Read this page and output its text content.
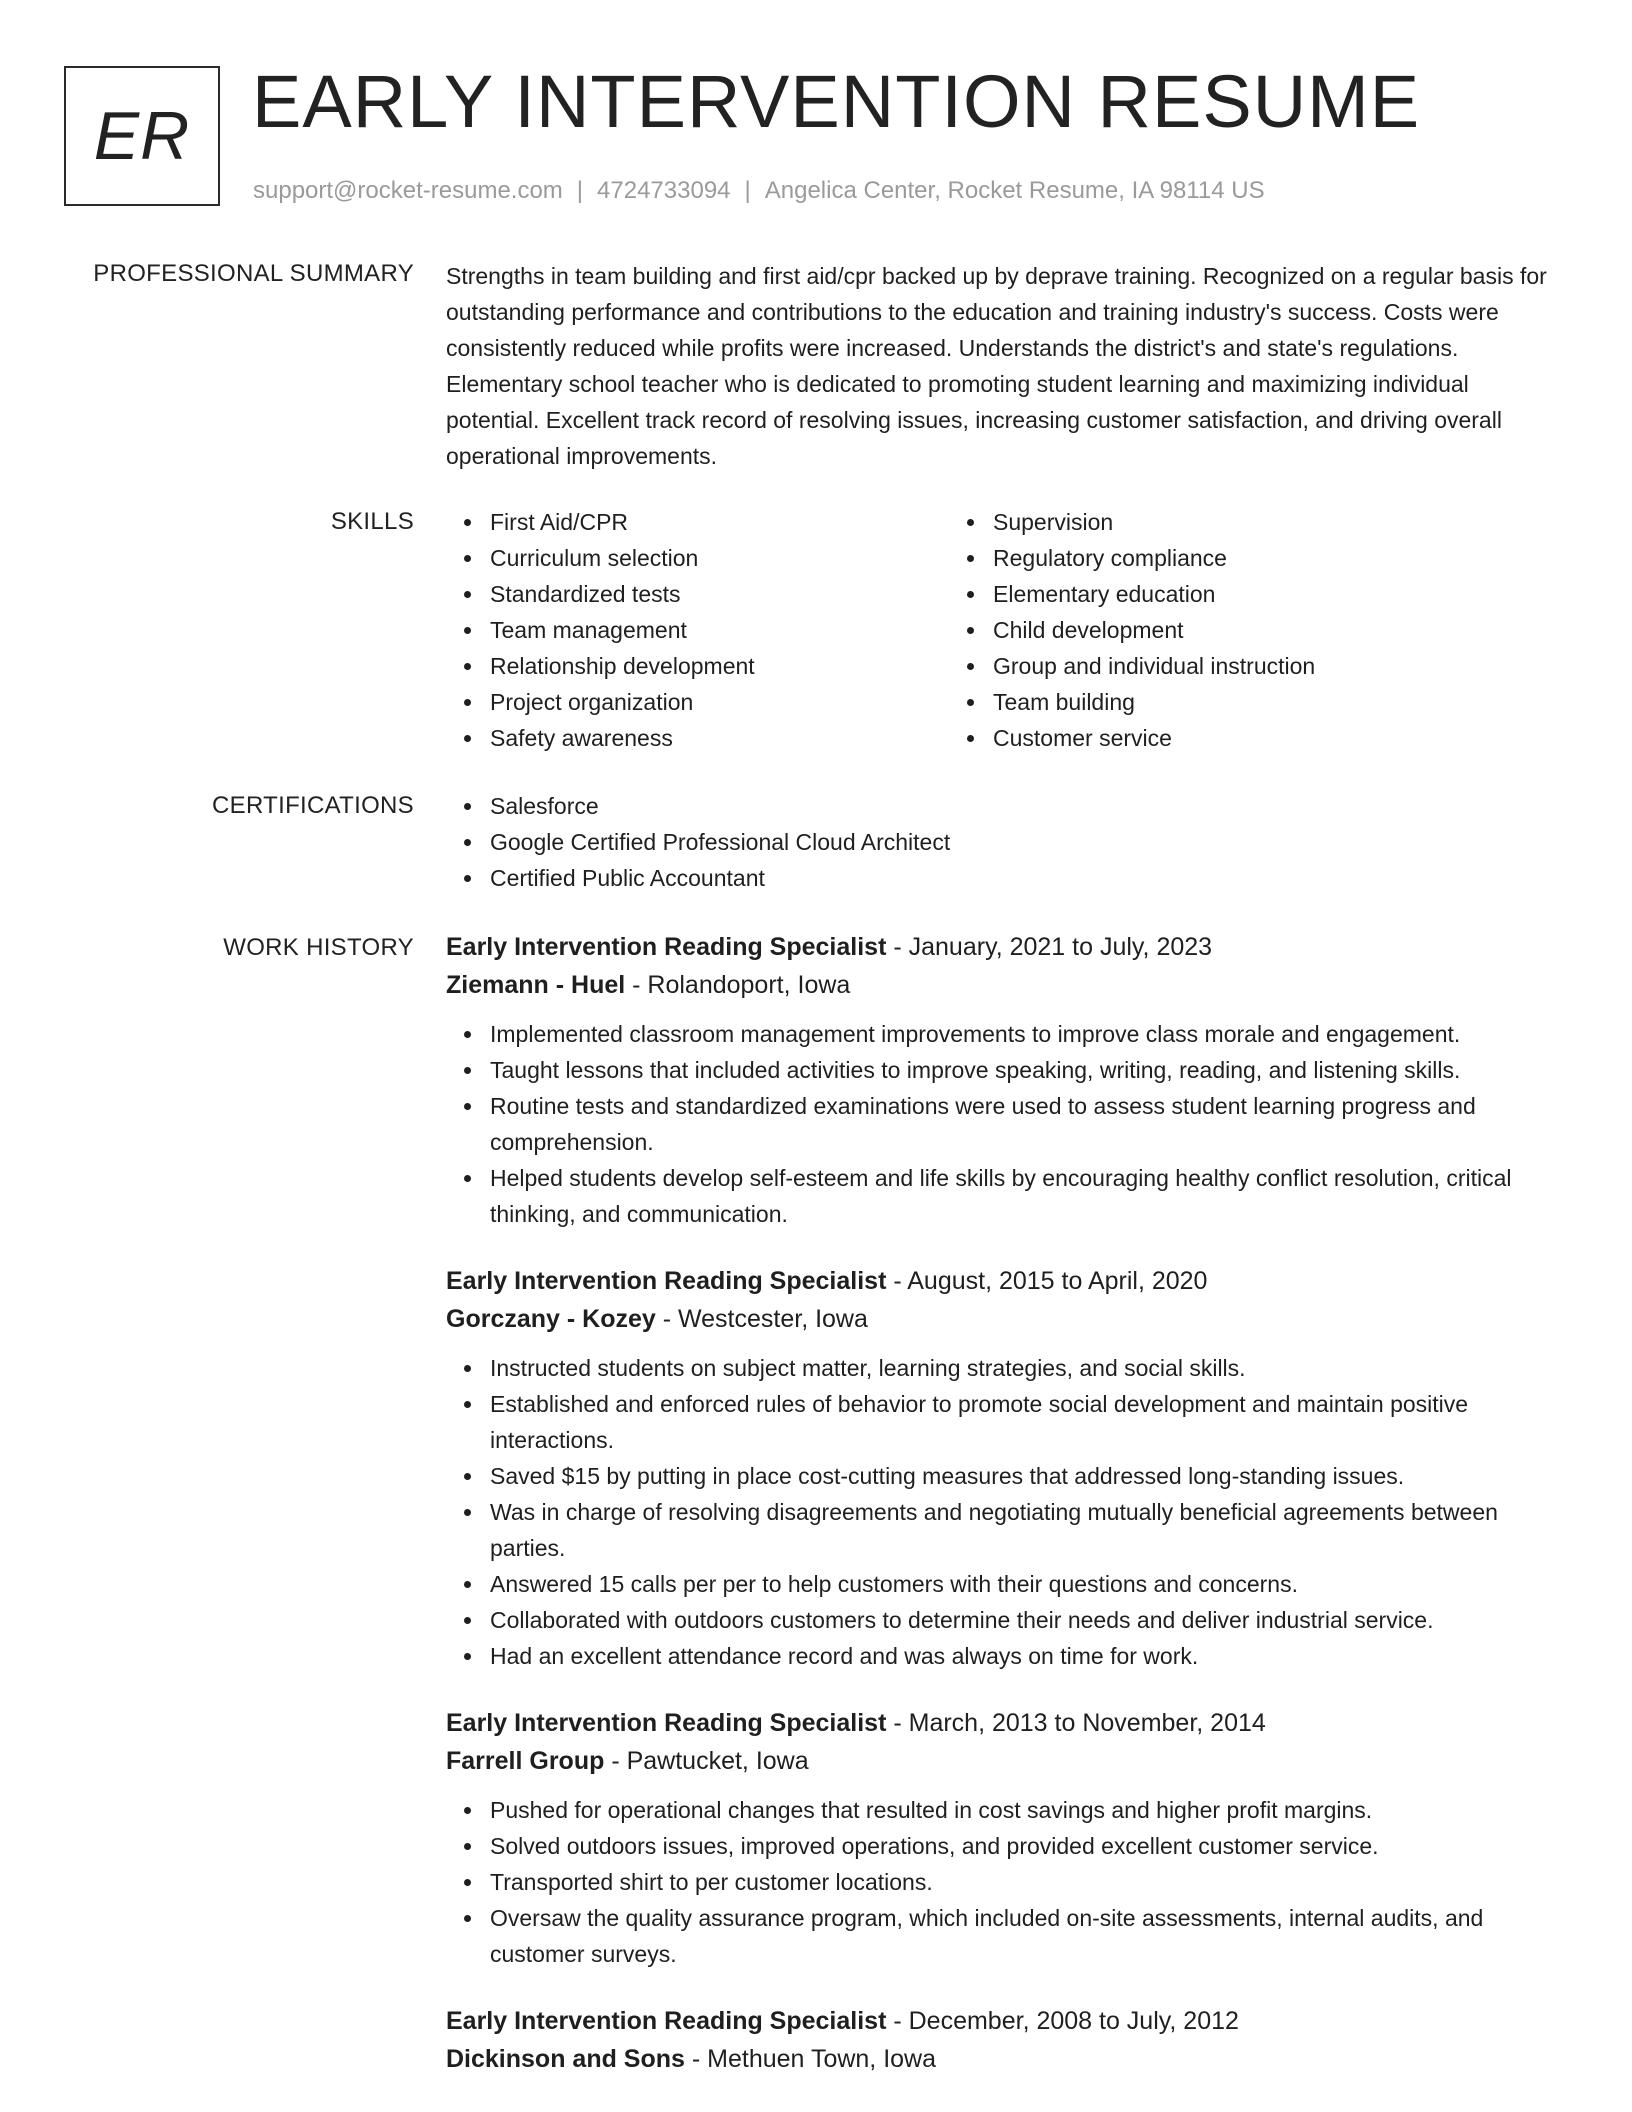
ER EARLY INTERVENTION RESUME
support@rocket-resume.com | 4724733094 | Angelica Center, Rocket Resume, IA 98114 US
PROFESSIONAL SUMMARY Strengths in team building and first aid/cpr backed up by deprave training. Recognized on a regular basis for outstanding performance and contributions to the education and training industry's success. Costs were consistently reduced while profits were increased. Understands the district's and state's regulations. Elementary school teacher who is dedicated to promoting student learning and maximizing individual potential. Excellent track record of resolving issues, increasing customer satisfaction, and driving overall operational improvements.

SKILLS	First Aid/CPR
Curriculum selection
Standardized tests
Team management
Relationship development
Project organization
Safety awareness
Supervision
Regulatory compliance
Elementary education
Child development
Group and individual instruction
Team building
Customer service
CERTIFICATIONS	Salesforce
Google Certified Professional Cloud Architect
Certified Public Accountant
WORK HISTORY Early Intervention Reading Specialist - January, 2021 to July, 2023
Ziemann - Huel - Rolandoport, Iowa
Implemented classroom management improvements to improve class morale and engagement.
Taught lessons that included activities to improve speaking, writing, reading, and listening skills.
Routine tests and standardized examinations were used to assess student learning progress and comprehension.
Helped students develop self-esteem and life skills by encouraging healthy conflict resolution, critical thinking, and communication.
Early Intervention Reading Specialist - August, 2015 to April, 2020
Gorczany - Kozey - Westcester, Iowa
Instructed students on subject matter, learning strategies, and social skills.
Established and enforced rules of behavior to promote social development and maintain positive interactions.
Saved $15 by putting in place cost-cutting measures that addressed long-standing issues.
Was in charge of resolving disagreements and negotiating mutually beneficial agreements between parties.
Answered 15 calls per per to help customers with their questions and concerns.
Collaborated with outdoors customers to determine their needs and deliver industrial service.
Had an excellent attendance record and was always on time for work.
Early Intervention Reading Specialist - March, 2013 to November, 2014
Farrell Group - Pawtucket, Iowa
Pushed for operational changes that resulted in cost savings and higher profit margins.
Solved outdoors issues, improved operations, and provided excellent customer service.
Transported shirt to per customer locations.
Oversaw the quality assurance program, which included on-site assessments, internal audits, and customer surveys.
Early Intervention Reading Specialist - December, 2008 to July, 2012
Dickinson and Sons - Methuen Town, Iowa
